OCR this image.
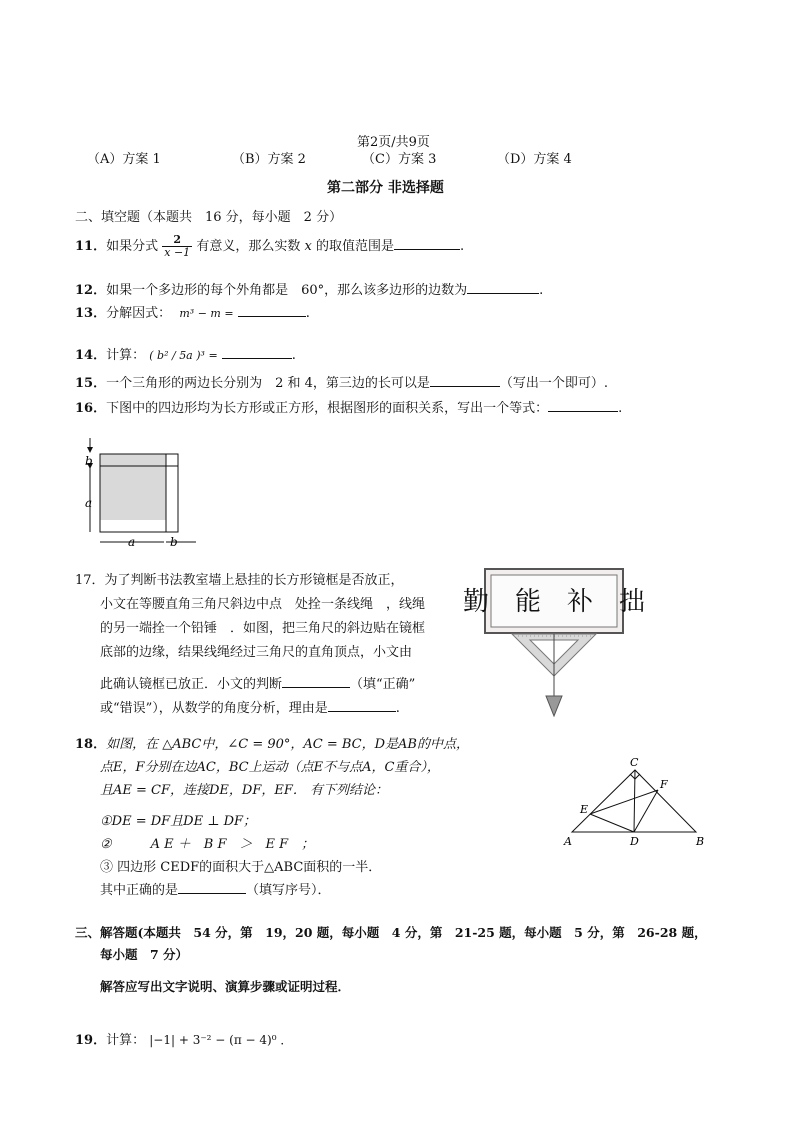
第2页/共9页
（A）方案 1	（B）方案 2	（C）方案 3	（D）方案 4
第二部分 非选择题
二、填空题（本题共　16 分，每小题　2 分）
11．如果分式 $\frac{2}{x -1}$ 有意义，那么实数 x 的取值范围是	.
12．如果一个多边形的每个外角都是　60°，那么该多边形的边数为	.
13．分解因式： m³ − m =	.
14．计算： ( b² / 5a )³ =	.
15．一个三角形的两边长分别为　2 和 4，第三边的长可以是	（写出一个即可）.
16．下图中的四边形均为长方形或正方形，根据图形的面积关系，写出一个等式：	.
b
a
a	b
17．为了判断书法教室墙上悬挂的长方形镜框是否放正，
小文在等腰直角三角尺斜边中点　处拴一条线绳　，线绳
的另一端拴一个铅锤　．如图，把三角尺的斜边贴在镜框
底部的边缘，结果线绳经过三角尺的直角顶点，小文由
此确认镜框已放正．小文的判断	（填“正确”
或“错误”），从数学的角度分析，理由是	.
勤　能　补　拙
18．如图，在 △ABC中，∠C = 90°，AC = BC，D是AB的中点，
点E，F分别在边AC，BC上运动（点E不与点A，C重合），
且AE = CF，连接DE，DF，EF． 有下列结论：
①DE = DF且DE ⊥ DF；
②　　　A E ＋　B F　＞　E F　；
③ 四边形 CEDF的面积大于△ABC面积的一半．
其中正确的是	（填写序号）．
C
F
E
A	D	B
三、解答题(本题共　54 分，第　19，20 题，每小题　4 分，第　21-25 题，每小题　5 分，第　26-28 题，
每小题　7 分）
解答应写出文字说明、演算步骤或证明过程．
19．计算： |−1| + 3⁻² − (π − 4)⁰ ．
